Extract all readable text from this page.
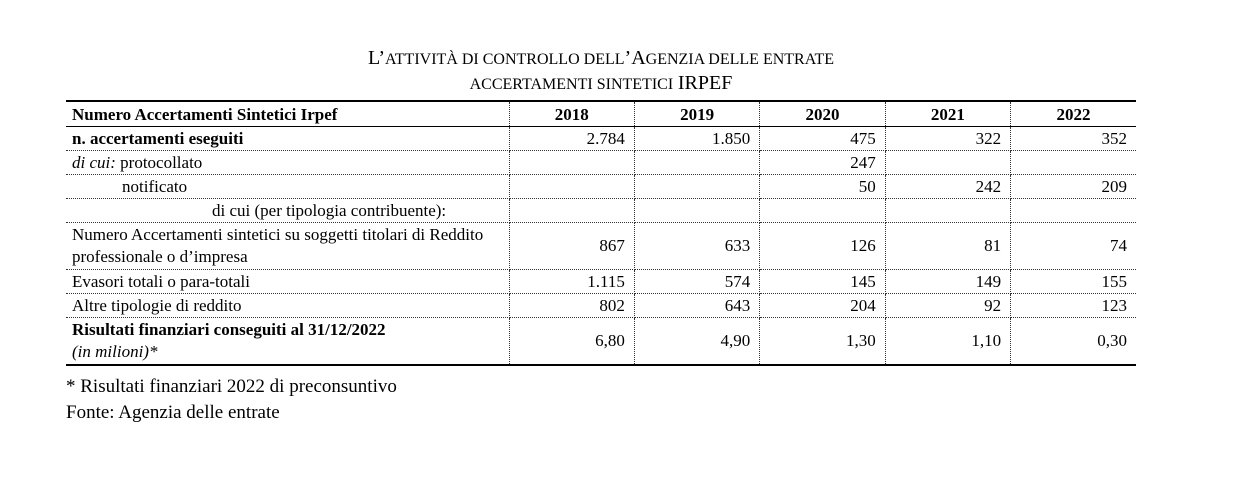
L’ATTIVITÀ DI CONTROLLO DELL’AGENZIA DELLE ENTRATE
ACCERTAMENTI SINTETICI IRPEF
Numero Accertamenti Sintetici Irpef	2018	2019	2020	2021	2022
n. accertamenti eseguiti	2.784	1.850	475	322	352
di cui: protocollato			247		
notificato			50	242	209
di cui (per tipologia contribuente):					
Numero Accertamenti sintetici su soggetti titolari di Reddito professionale o d’impresa	867	633	126	81	74
Evasori totali o para-totali	1.115	574	145	149	155
Altre tipologie di reddito	802	643	204	92	123

Risultati finanziari conseguiti al 31/12/2022
(in milioni)*	6,80	4,90	1,30	1,10	0,30
* Risultati finanziari 2022 di preconsuntivo
Fonte: Agenzia delle entrate
